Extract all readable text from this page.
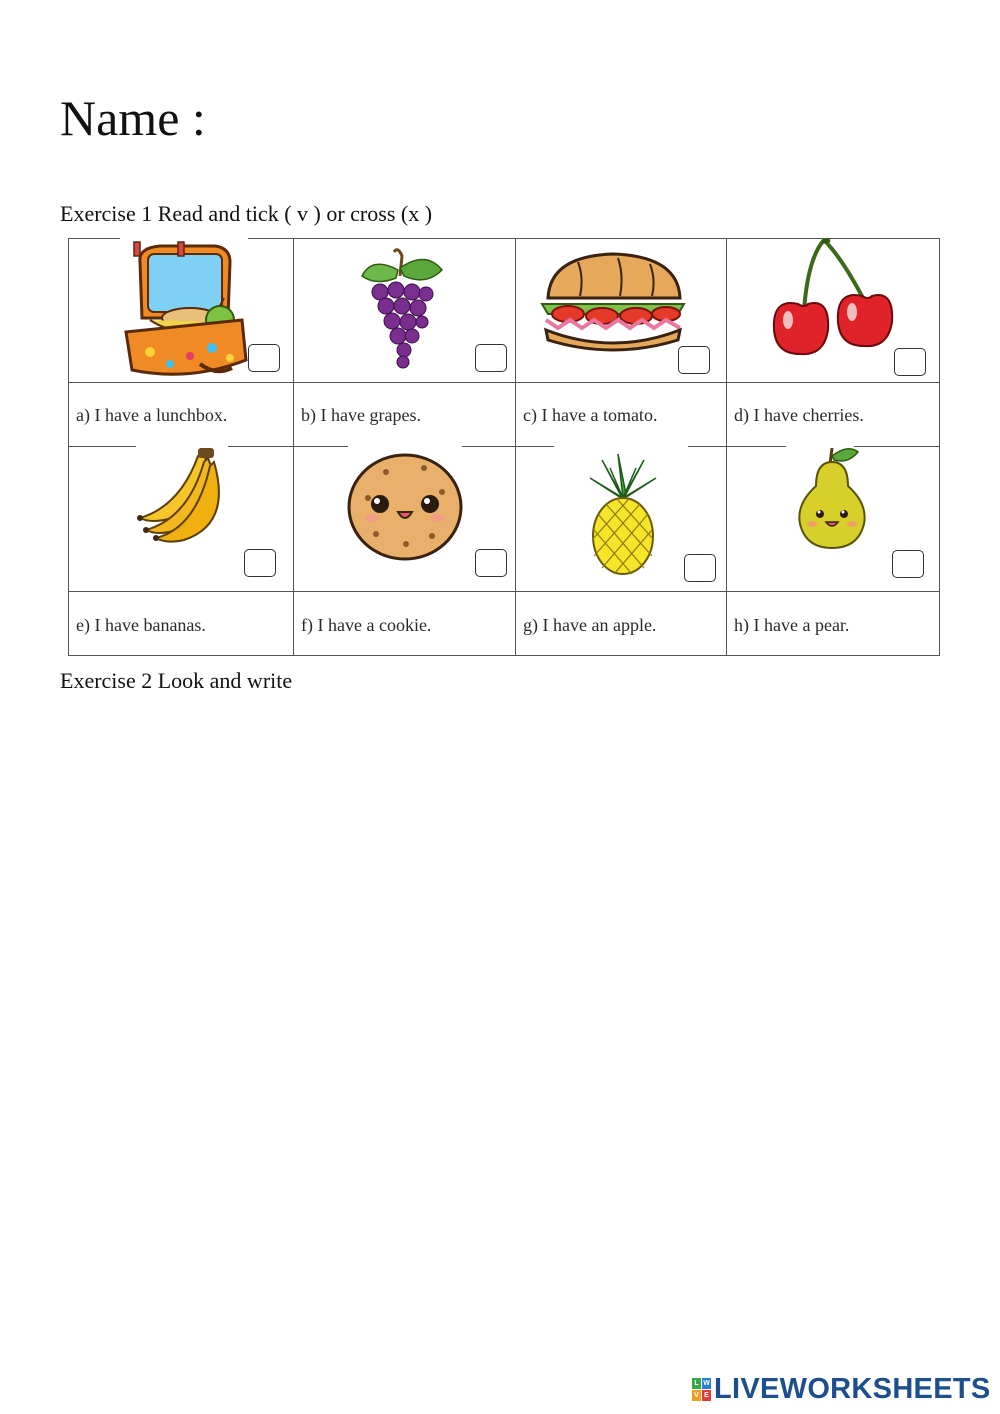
Name :
Exercise 1 Read and tick ( v ) or cross (x )
a) I have a lunchbox.	b) I have grapes.	c) I have a tomato.	d) I have cherries.
e) I have bananas.	f) I have a cookie.	g) I have an apple.	h) I have a pear.
Exercise 2 Look and write
L W
V E LIVEWORKSHEETS
